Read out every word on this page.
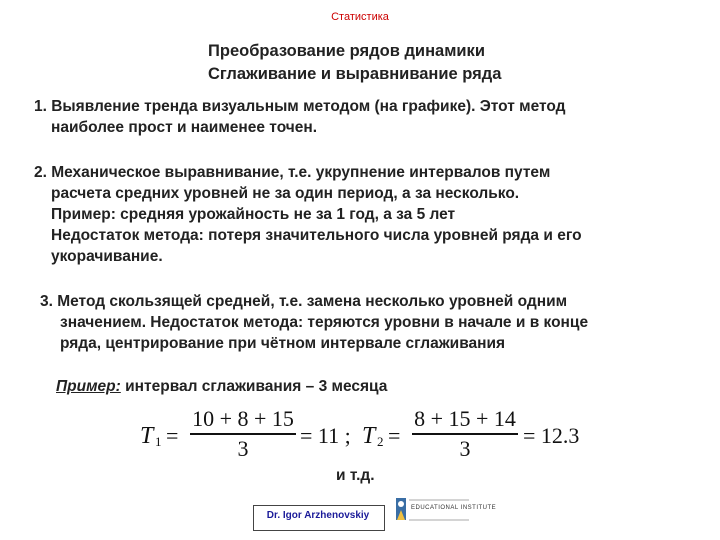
Статистика
Преобразование рядов динамики
Сглаживание и выравнивание ряда
1. Выявление тренда визуальным методом (на графике). Этот метод
наиболее прост и наименее точен.
2. Механическое выравнивание, т.е. укрупнение интервалов путем
расчета средних уровней не за один период, а за несколько.
Пример: средняя урожайность не за 1 год, а за 5 лет
Недостаток метода: потеря значительного числа уровней ряда и его
укорачивание.
3. Метод скользящей средней, т.е. замена несколько уровней одним
значением. Недостаток метода: теряются уровни в начале и в конце
ряда, центрирование при чётном интервале сглаживания
Пример: интервал сглаживания – 3 месяца
T 1 =
10 + 8 + 15
3
= 11 ; T 2 =
8 + 15 + 14
3
= 12.3
и т.д.
Dr. Igor Arzhenovskiy
EDUCATIONAL INSTITUTE
